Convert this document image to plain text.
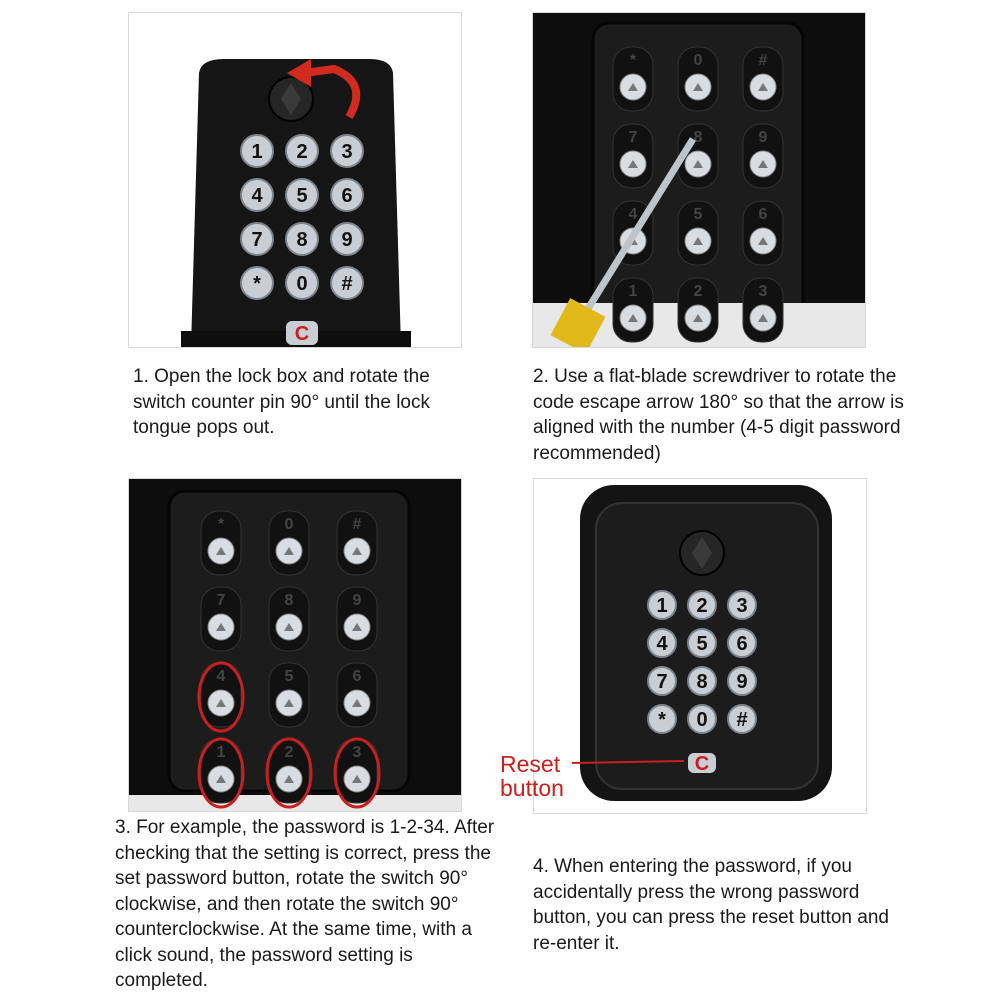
1 2 3
4 5 6
7 8 9
* 0 #
C
*	0	#
7	8	9
4	5	6
1	2	3
*	0	#
7	8	9
4	5	6
1	2	3
1 2 3
4 5 6
7 8 9
* 0 #
C
Reset button

1. Open the lock box and rotate the switch counter pin 90° until the lock tongue pops out.

2. Use a flat-blade screwdriver to rotate the code escape arrow 180° so that the arrow is aligned with the number (4-5 digit password recommended)

3. For example, the password is 1-2-34. After checking that the setting is correct, press the set password button, rotate the switch 90° clockwise, and then rotate the switch 90° counterclockwise. At the same time, with a click sound, the password setting is completed.

4. When entering the password, if you accidentally press the wrong password button, you can press the reset button and re-enter it.
